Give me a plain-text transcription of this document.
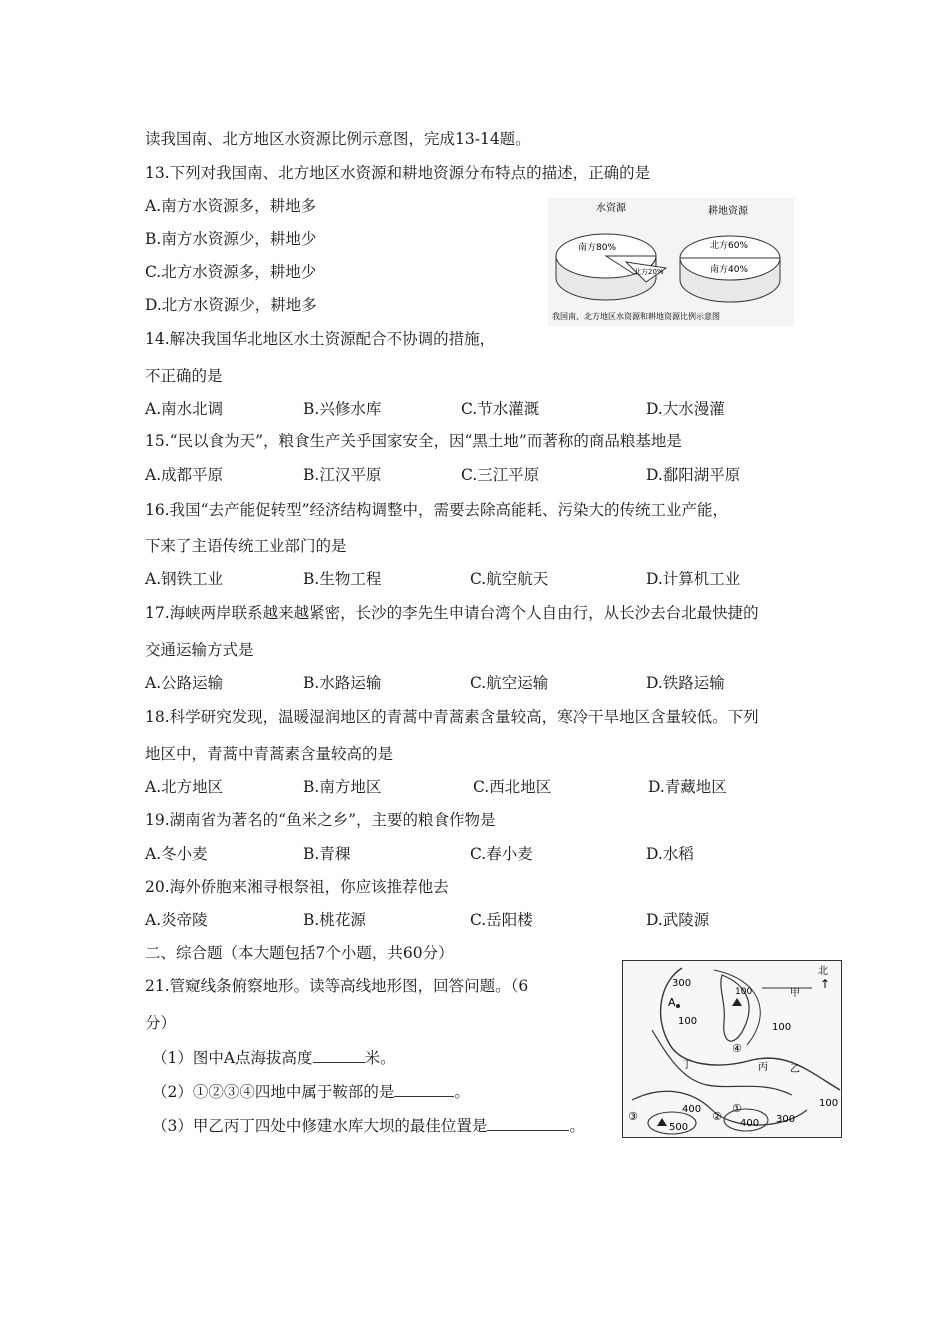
读我国南、北方地区水资源比例示意图，完成13-14题。
13.下列对我国南、北方地区水资源和耕地资源分布特点的描述，正确的是
A.南方水资源多，耕地多
B.南方水资源少，耕地少
C.北方水资源多，耕地少
D.北方水资源少，耕地多
水资源
南方80%
北方20%
耕地资源
北方60%
南方40%
我国南、北方地区水资源和耕地资源比例示意图
14.解决我国华北地区水土资源配合不协调的措施，
不正确的是
A.南水北调	B.兴修水库	C.节水灌溉	D.大水漫灌
15.“民以食为天”，粮食生产关乎国家安全，因“黑土地”而著称的商品粮基地是
A.成都平原	B.江汉平原	C.三江平原	D.鄱阳湖平原
16.我国“去产能促转型”经济结构调整中，需要去除高能耗、污染大的传统工业产能，
下来了主语传统工业部门的是
A.钢铁工业	B.生物工程	C.航空航天	D.计算机工业
17.海峡两岸联系越来越紧密，长沙的李先生申请台湾个人自由行，从长沙去台北最快捷的
交通运输方式是
A.公路运输	B.水路运输	C.航空运输	D.铁路运输
18.科学研究发现，温暖湿润地区的青蒿中青蒿素含量较高，寒冷干旱地区含量较低。下列
地区中，青蒿中青蒿素含量较高的是
A.北方地区	B.南方地区	C.西北地区	D.青藏地区
19.湖南省为著名的“鱼米之乡”，主要的粮食作物是
A.冬小麦	B.青稞	C.春小麦	D.水稻
20.海外侨胞来湘寻根祭祖，你应该推荐他去
A.炎帝陵	B.桃花源	C.岳阳楼	D.武陵源
二、综合题（本大题包括7个小题，共60分）
21.管窥线条俯察地形。读等高线地形图，回答问题。（6
分）
（1）图中A点海拔高度	米。
（2）①②③④四地中属于鞍部的是	。
（3）甲乙丙丁四处中修建水库大坝的最佳位置是	。
北
↑
300
100
100
100
400
400 300
500
100
A
①
②
③
④
甲
乙
丙
丁
